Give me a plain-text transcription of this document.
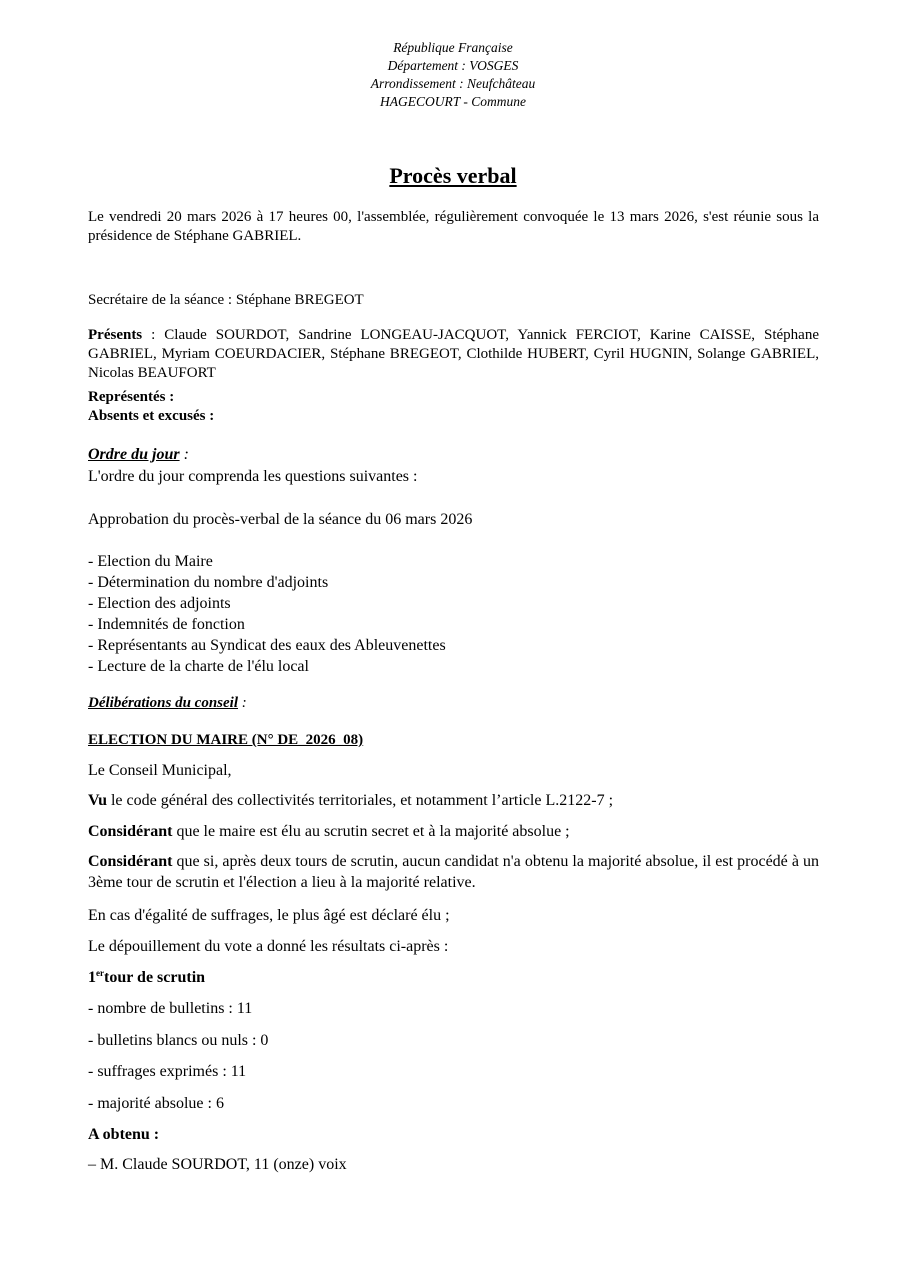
République Française
Département : VOSGES
Arrondissement : Neufchâteau
HAGECOURT - Commune
Procès verbal
Le vendredi 20 mars 2026 à 17 heures 00, l'assemblée, régulièrement convoquée le 13 mars 2026, s'est réunie sous la présidence de Stéphane GABRIEL.
Secrétaire de la séance : Stéphane BREGEOT
Présents : Claude SOURDOT, Sandrine LONGEAU-JACQUOT, Yannick FERCIOT, Karine CAISSE, Stéphane GABRIEL, Myriam COEURDACIER, Stéphane BREGEOT, Clothilde HUBERT, Cyril HUGNIN, Solange GABRIEL, Nicolas BEAUFORT
Représentés :
Absents et excusés :
Ordre du jour :
L'ordre du jour comprenda les questions suivantes :
Approbation du procès-verbal de la séance du 06 mars 2026
- Election du Maire
- Détermination du nombre d'adjoints
- Election des adjoints
- Indemnités de fonction
- Représentants au Syndicat des eaux des Ableuvenettes
- Lecture de la charte de l'élu local
Délibérations du conseil :
ELECTION DU MAIRE (N° DE_2026_08)
Le Conseil Municipal,
Vu le code général des collectivités territoriales, et notamment l’article L.2122-7 ;
Considérant que le maire est élu au scrutin secret et à la majorité absolue ;
Considérant que si, après deux tours de scrutin, aucun candidat n'a obtenu la majorité absolue, il est procédé à un 3ème tour de scrutin et l'élection a lieu à la majorité relative.
En cas d'égalité de suffrages, le plus âgé est déclaré élu ;
Le dépouillement du vote a donné les résultats ci-après :
1ertour de scrutin
- nombre de bulletins : 11
- bulletins blancs ou nuls : 0
- suffrages exprimés : 11
- majorité absolue : 6
A obtenu :
– M. Claude SOURDOT, 11 (onze) voix
